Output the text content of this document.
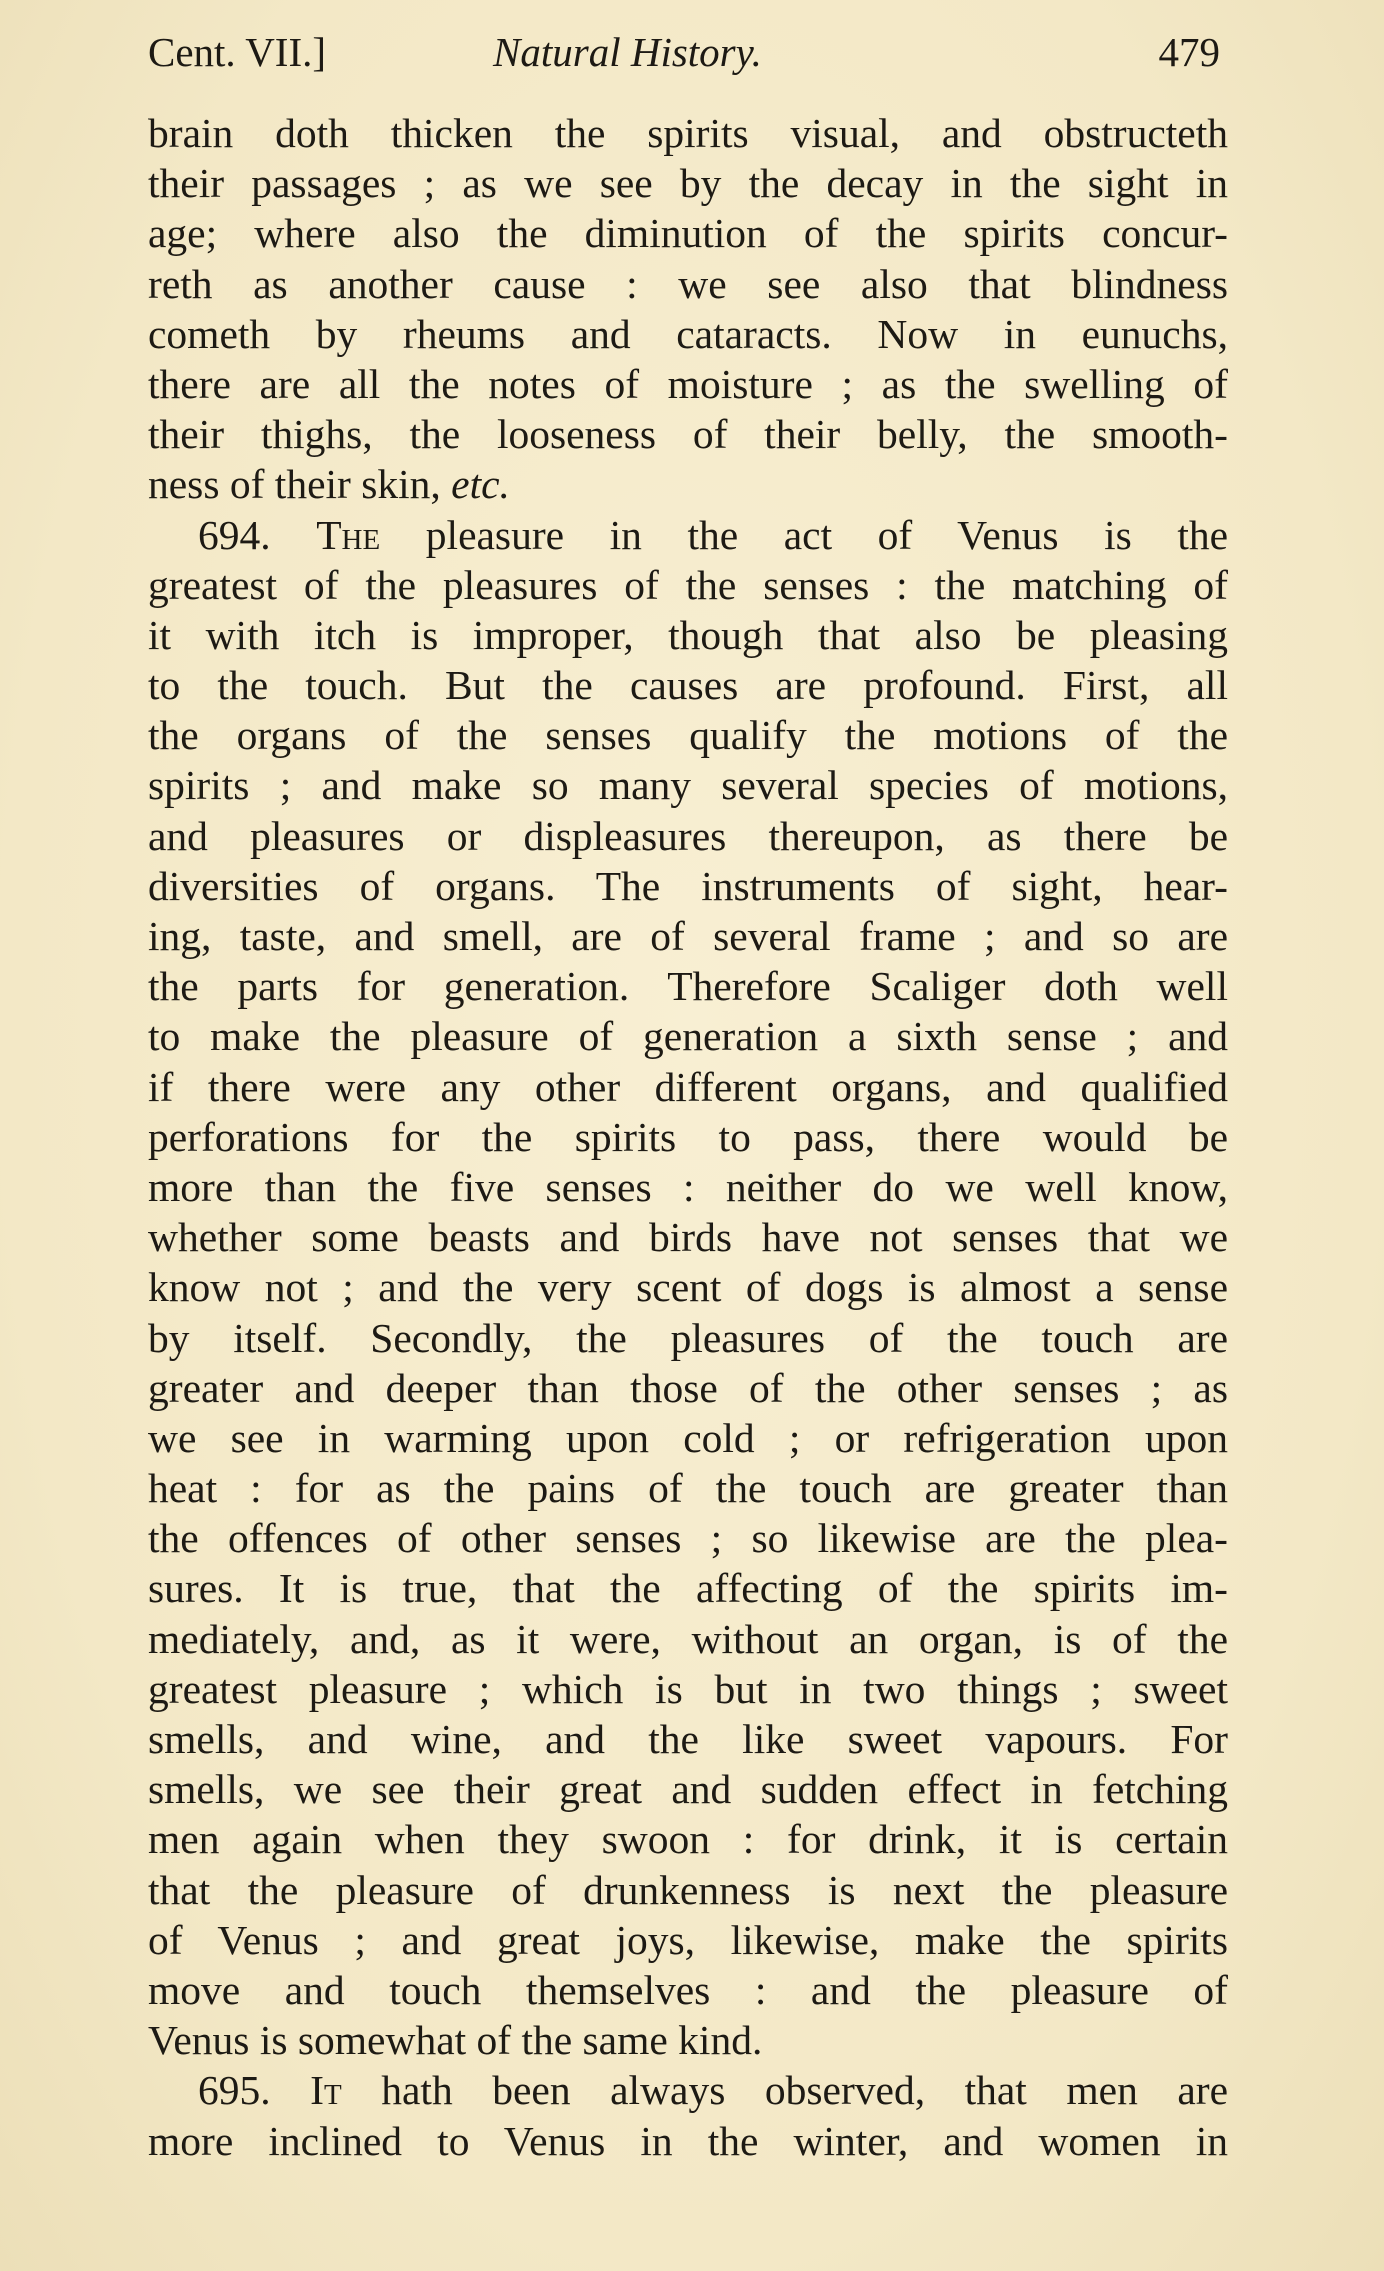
Cent. VII.]	Natural History.	479
brain doth thicken the spirits visual, and obstructeth
their passages ; as we see by the decay in the sight in
age; where also the diminution of the spirits concur-
reth as another cause : we see also that blindness
cometh by rheums and cataracts. Now in eunuchs,
there are all the notes of moisture ; as the swelling of
their thighs, the looseness of their belly, the smooth-
ness of their skin, etc.
694. The pleasure in the act of Venus is the
greatest of the pleasures of the senses : the matching of
it with itch is improper, though that also be pleasing
to the touch. But the causes are profound. First, all
the organs of the senses qualify the motions of the
spirits ; and make so many several species of motions,
and pleasures or displeasures thereupon, as there be
diversities of organs. The instruments of sight, hear-
ing, taste, and smell, are of several frame ; and so are
the parts for generation. Therefore Scaliger doth well
to make the pleasure of generation a sixth sense ; and
if there were any other different organs, and qualified
perforations for the spirits to pass, there would be
more than the five senses : neither do we well know,
whether some beasts and birds have not senses that we
know not ; and the very scent of dogs is almost a sense
by itself. Secondly, the pleasures of the touch are
greater and deeper than those of the other senses ; as
we see in warming upon cold ; or refrigeration upon
heat : for as the pains of the touch are greater than
the offences of other senses ; so likewise are the plea-
sures. It is true, that the affecting of the spirits im-
mediately, and, as it were, without an organ, is of the
greatest pleasure ; which is but in two things ; sweet
smells, and wine, and the like sweet vapours. For
smells, we see their great and sudden effect in fetching
men again when they swoon : for drink, it is certain
that the pleasure of drunkenness is next the pleasure
of Venus ; and great joys, likewise, make the spirits
move and touch themselves : and the pleasure of
Venus is somewhat of the same kind.
695. It hath been always observed, that men are
more inclined to Venus in the winter, and women in
